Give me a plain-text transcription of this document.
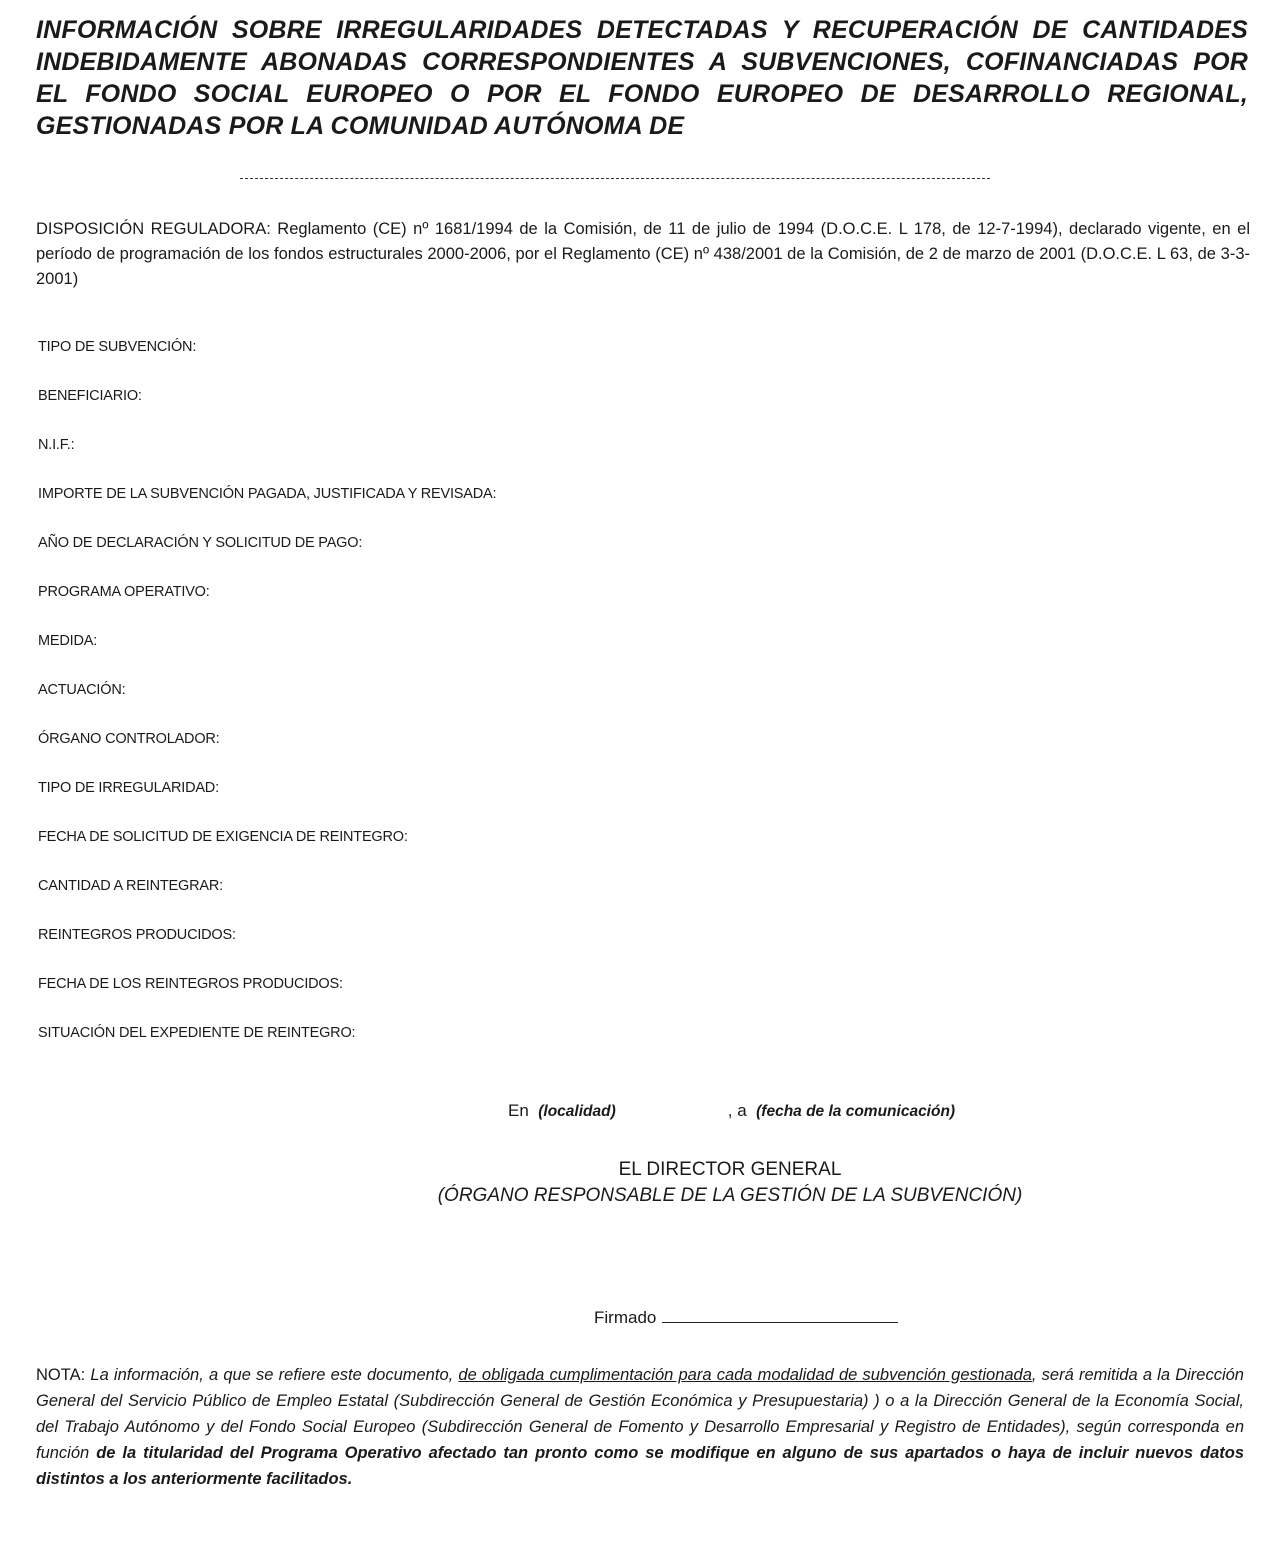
INFORMACIÓN SOBRE IRREGULARIDADES DETECTADAS Y RECUPERACIÓN DE CANTIDADES
INDEBIDAMENTE ABONADAS CORRESPONDIENTES A SUBVENCIONES, COFINANCIADAS POR
EL FONDO SOCIAL EUROPEO O POR EL FONDO EUROPEO DE DESARROLLO REGIONAL,
GESTIONADAS POR LA COMUNIDAD AUTÓNOMA DE

DISPOSICIÓN REGULADORA: Reglamento (CE) nº 1681/1994 de la Comisión, de 11 de julio de 1994 (D.O.C.E. L 178, de 12-7-1994), declarado vigente, en el período de programación de los fondos estructurales 2000-2006, por el Reglamento (CE) nº 438/2001 de la Comisión, de 2 de marzo de 2001 (D.O.C.E. L 63, de 3-3-2001)

TIPO DE SUBVENCIÓN:
BENEFICIARIO:
N.I.F.:
IMPORTE DE LA SUBVENCIÓN PAGADA, JUSTIFICADA Y REVISADA:
AÑO DE DECLARACIÓN Y SOLICITUD DE PAGO:
PROGRAMA OPERATIVO:
MEDIDA:
ACTUACIÓN:
ÓRGANO CONTROLADOR:
TIPO DE IRREGULARIDAD:
FECHA DE SOLICITUD DE EXIGENCIA DE REINTEGRO:
CANTIDAD A REINTEGRAR:
REINTEGROS PRODUCIDOS:
FECHA DE LOS REINTEGROS PRODUCIDOS:
SITUACIÓN DEL EXPEDIENTE DE REINTEGRO:
En (localidad)	, a (fecha de la comunicación)
EL DIRECTOR GENERAL
(ÓRGANO RESPONSABLE DE LA GESTIÓN DE LA SUBVENCIÓN)
Firmado

NOTA: La información, a que se refiere este documento, de obligada cumplimentación para cada modalidad de subvención gestionada, será remitida a la Dirección General del Servicio Público de Empleo Estatal (Subdirección General de Gestión Económica y Presupuestaria) ) o a la Dirección General de la Economía Social, del Trabajo Autónomo y del Fondo Social Europeo (Subdirección General de Fomento y Desarrollo Empresarial y Registro de Entidades), según corresponda en función de la titularidad del Programa Operativo afectado tan pronto como se modifique en alguno de sus apartados o haya de incluir nuevos datos distintos a los anteriormente facilitados.
